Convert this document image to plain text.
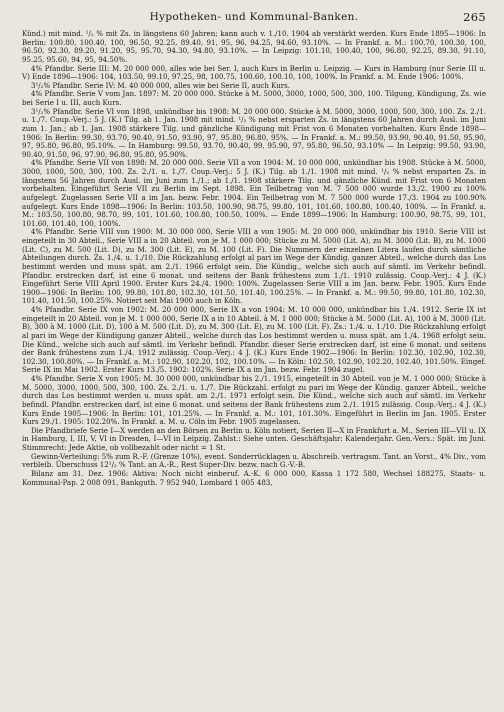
Hypotheken- und Kommunal-Banken.	265

Künd.) mit mind. ¹/₂ % mit Zs. in längstens 60 Jahren; kann auch v. 1./10. 1904 ab verstärkt werden. Kurs Ende 1895—1906: In Berlin: 100.80, 100.40, 100, 96.50, 92.25, 89.40, 91, 95, 96, 94.25, 94.60, 93.10%. — In Frankf. a. M.: 100.70, 100.30, 100, 96.50, 92.30, 89.20, 91.20, 95, 95.70, 94.30, 94.80, 93.10%. — In Leipzig: 101.10, 100.40, 100, 96.80, 92.25, 89.30, 91.10, 95.25, 95.60, 94, 95, 94.50%.

4% Pfandbr. Serie III: M. 20 000 000, alles wie bei Ser. I, auch Kurs in Berlin u. Leipzig. — Kurs in Hamburg (nur Serie III u. V) Ende 1896—1906: 104, 103.50, 99.10, 97.25, 98, 100.75, 100.60, 100.10, 100, 100%. In Frankf. a. M. Ende 1906: 100%.

3¹/₂% Pfandbr. Serie IV: M. 40 000 000, alles wie bei Serie II, auch Kurs.

4% Pfandbr. Serie V vom Jan. 1897: M. 20 000 000. Stücke à M. 5000, 3000, 1000, 500, 300, 100. Tilgung, Kündigung, Zs. wie bei Serie I u. III, auch Kurs.

3¹/₂% Pfandbr. Serie VI von 1898, unkündbar bis 1908: M. 20 000 000. Stücke à M. 5000, 3000, 1000, 500, 300, 100. Zs. 2./1. u. 1./7. Coup.-Verj.: 5 J. (K.) Tilg. ab 1. Jan. 1908 mit mind. ¹/₂ % nebst ersparten Zs. in längstens 60 Jahren durch Ausl. im Juni zum 1. Jan.; ab 1. Jan. 1908 stärkere Tilg. und gänzliche Kündigung mit Frist von 6 Monaten vorbehalten. Kurs Ende 1898—1906: In Berlin: 99.30, 93.70, 90.40, 91.50, 93.90, 97, 95.80, 96.80, 95%. — In Frankf. a. M.: 99.50, 93.90, 90.40, 91.50, 95.90, 97, 95.80, 96.80, 95.10%. — In Hamburg: 99.50, 93.70, 90.40, 99, 95.90, 97, 95.80, 96.50, 93.10% — In Leipzig: 99.50, 93.90, 90.40, 91.50, 96, 97.90, 96.80, 95.80, 95.90%.

4% Pfandbr. Serie VII von 1898: M. 20 000 000. Serie VII a von 1904: M. 10 000 000, unkündbar bis 1908. Stücke à M. 5000, 3000, 1000, 500, 300, 100. Zs. 2./1. u. 1./7. Coup.-Verj.: 5 J. (K.) Tilg. ab 1./1. 1908 mit mind. ¹/₂ % nebst ersparten Zs. in längstens 56 Jahren durch Ausl. im Juni zum 1./1.; ab 1./1. 1908 stärkere Tilg. und gänzliche Künd. mit Frist von 6 Monaten vorbehalten. Eingeführt Serie VII zu Berlin im Sept. 1898. Ein Teilbetrag von M. 7 500 000 wurde 13./2. 1900 zu 100% aufgelegt. Zugelassen Serie VII a im Jan. bezw. Febr. 1904. Ein Teilbetrag von M. 7 500 000 wurde 17./3. 1904 zu 100.90% aufgelegt. Kurs Ende 1898—1906: In Berlin: 103.50, 100.90, 98.75, 99.80, 101, 101.60, 100.80, 100.40, 100%. — In Frankf. a. M.: 103.50, 100.80, 98.70, 99, 101, 101.60, 100.80, 100.50, 100%. — Ende 1899—1906: In Hamburg: 100.90, 98.75, 99, 101, 101.60, 101.40, 100, 100%.

4% Pfandbr. Serie VIII von 1900: M. 30 000 000, Serie VIII a von 1905: M. 20 000 000, unkündbar bis 1910. Serie VIII ist eingeteilt in 30 Abteil., Serie VIII a in 20 Abteil. von je M. 1 000 000; Stücke zu M. 5000 (Lit. A), zu M. 3000 (Lit. B), zu M. 1000 (Lit. C), zu M. 500 (Lit. D), zu M. 300 (Lit. E), zu M. 100 (Lit. F). Die Nummern der einzelnen Litera laufen durch sämtliche Abteilungen durch. Zs. 1./4. u. 1./10. Die Rückzahlung erfolgt al pari im Wege der Kündig. ganzer Abteil., welche durch das Los bestimmt werden und muss spät. am 2./1. 1966 erfolgt sein. Die Kündig., welche sich auch auf sämtl. im Verkehr befindl. Pfandbr. erstrecken darf, ist eine 6 monat. und seitens der Bank frühestens zum 1./1. 1910 zulässig. Coup.-Verj.: 4 J. (K.) Eingeführt Serie VIII April 1900. Erster Kurs 24./4. 1900: 100%. Zugelassen Serie VIII a im Jan. bezw. Febr. 1905. Kurs Ende 1900—1906: In Berlin: 100, 99.80, 101.80, 102.30, 101.50, 101.40, 100.25%. — In Frankf. a. M.: 99.50, 99.80, 101.80, 102.30, 101.40, 101.50, 100.25%. Notiert seit Mai 1900 auch in Köln.

4% Pfandbr. Serie IX von 1902: M. 20 000 000, Serie IX a von 1904: M. 10 000 000, unkündbar bis 1./4. 1912. Serie IX ist eingeteilt in 20 Abteil. von je M. 1 000 000, Serie IX a in 10 Abteil. à M. 1 000 000; Stücke à M. 5000 (Lit. A), 100 à M. 3000 (Lit. B), 300 à M. 1000 (Lit. D), 100 à M. 500 (Lit. D), zu M. 300 (Lit. E), zu M. 100 (Lit. F). Zs.: 1./4. u. 1./10. Die Rückzahlung erfolgt al pari im Wege der Kündigung ganzer Abteil., welche durch das Los bestimmt werden u. muss spät. am 1./4. 1968 erfolgt sein. Die Künd., welche sich auch auf sämtl. im Verkehr befindl. Pfandbr. dieser Serie erstrecken darf, ist eine 6 monat. und seitens der Bank frühestens zum 1./4. 1912 zulässig. Coup.-Verj.: 4 J. (K.) Kurs Ende 1902—1906: In Berlin: 102.30, 102.90, 102.30, 102.30, 100.80%. — In Frankf. a. M.: 102.90, 102.20, 102, 100.10%. — In Köln: 102.50, 102.90, 102.20, 102.40, 101.50%. Eingef. Serie IX im Mai 1902. Erster Kurs 13./5. 1902: 102%. Serie IX a im Jan. bezw. Febr. 1904 zugel.

4% Pfandbr. Serie X von 1905: M. 30 000 000, unkündbar bis 2./1. 1915, eingeteilt in 30 Abteil. von je M. 1 000 000; Stücke à M. 5000, 3000, 1000, 500, 300, 100. Zs. 2./1. u. 1./7. Die Rückzahl. erfolgt zu pari im Wege der Kündig. ganzer Abteil., welche durch das Los bestimmt werden u. muss spät. am 2./1. 1971 erfolgt sein. Die Künd., welche sich auch auf sämtl. im Verkehr befindl. Pfandbr. erstrecken darf, ist eine 6 monat. und seitens der Bank frühestens zum 2./1. 1915 zulässig. Coup.-Verj.: 4 J. (K.) Kurs Ende 1905—1906: In Berlin: 101, 101.25%. — In Frankf. a. M.: 101, 101.30%. Eingeführt in Berlin im Jan. 1905. Erster Kurs 29./1. 1905: 102.20%. In Frankf. a. M. u. Cöln im Febr. 1905 zugelassen.

Die Pfandbriefe Serie I—X werden an den Börsen zu Berlin u. Köln notiert, Serien II—X in Frankfurt a. M., Serien III—VII u. IX in Hamburg, I, III, V, VI in Dresden, I—VI in Leipzig. Zahlst.: Siehe unten. Geschäftsjahr: Kalenderjahr. Gen.-Vers.: Spät. im Juni. Stimmrecht: Jede Aktie, ob vollbezahlt oder nicht = 1 St.

Gewinn-Verteilung: 5% zum R.-F. (Grenze 10%), event. Sonderrücklagen u. Abschreib. vertragsm. Tant. an Vorst., 4% Div., vom verbleib. Überschuss 12¹/₂ % Tant. an A.-R., Rest Super-Div. bezw. nach G.-V.-B.

Bilanz am 31. Dez. 1906: Aktiva: Noch nicht einberuf. A.-K. 6 000 000, Kassa 1 172 580, Wechsel 188275, Staats- u. Kommunal-Pap. 2 008 091, Bankguth. 7 952 940, Lombard 1 005 483,
